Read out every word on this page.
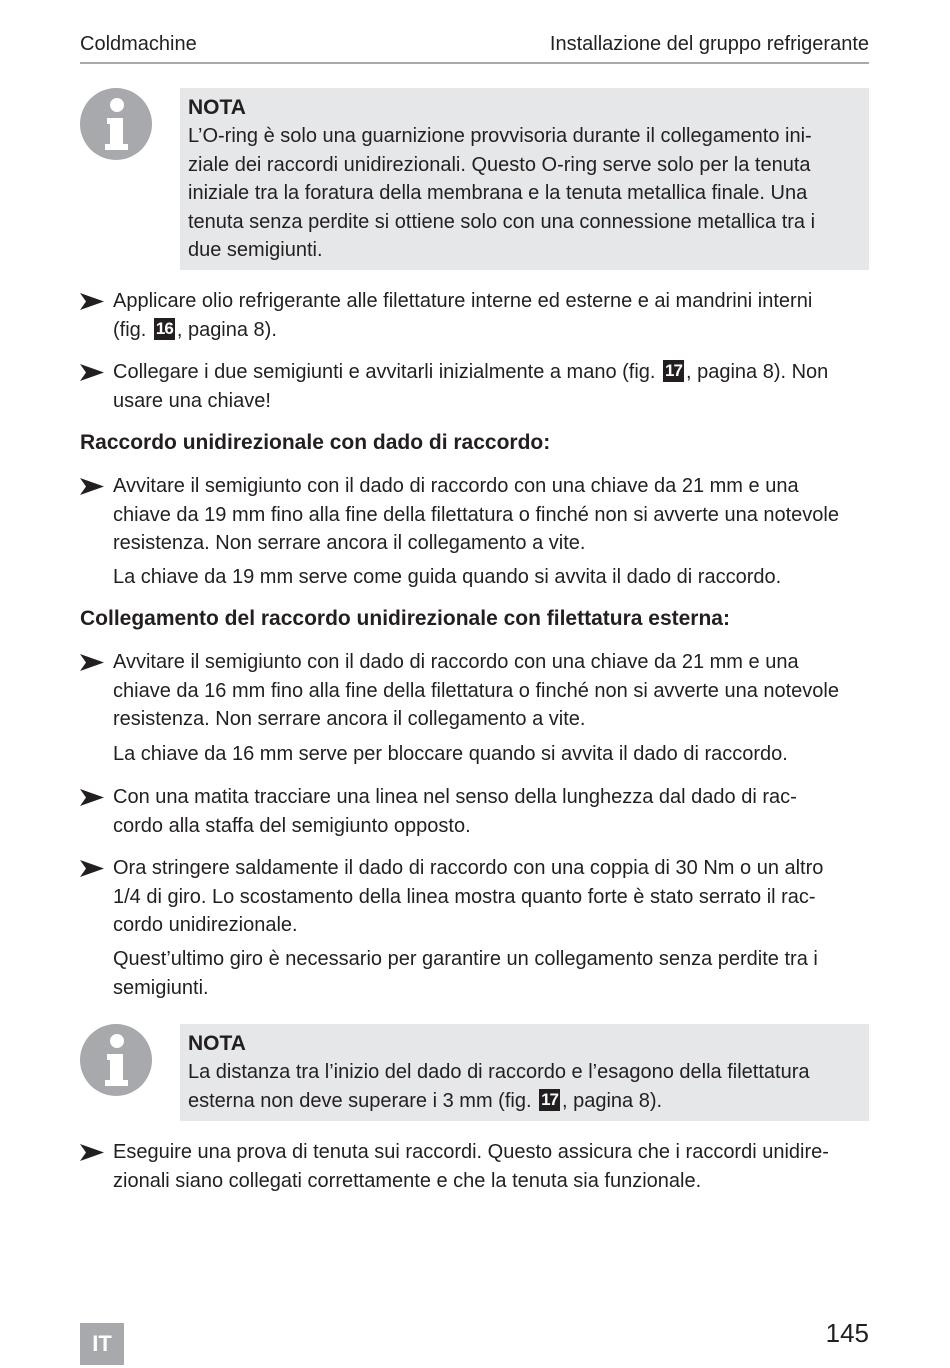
Coldmachine	Installazione del gruppo refrigerante
NOTA
L’O-ring è solo una guarnizione provvisoria durante il collegamento ini-
ziale dei raccordi unidirezionali. Questo O-ring serve solo per la tenuta
iniziale tra la foratura della membrana e la tenuta metallica finale. Una
tenuta senza perdite si ottiene solo con una connessione metallica tra i
due semigiunti.
Applicare olio refrigerante alle filettature interne ed esterne e ai mandrini interni
(fig. 16 , pagina 8).
Collegare i due semigiunti e avvitarli inizialmente a mano (fig. 17 , pagina 8). Non
usare una chiave!
Raccordo unidirezionale con dado di raccordo:
Avvitare il semigiunto con il dado di raccordo con una chiave da 21 mm e una
chiave da 19 mm fino alla fine della filettatura o finché non si avverte una notevole
resistenza. Non serrare ancora il collegamento a vite.
La chiave da 19 mm serve come guida quando si avvita il dado di raccordo.
Collegamento del raccordo unidirezionale con filettatura esterna:
Avvitare il semigiunto con il dado di raccordo con una chiave da 21 mm e una
chiave da 16 mm fino alla fine della filettatura o finché non si avverte una notevole
resistenza. Non serrare ancora il collegamento a vite.
La chiave da 16 mm serve per bloccare quando si avvita il dado di raccordo.
Con una matita tracciare una linea nel senso della lunghezza dal dado di rac-
cordo alla staffa del semigiunto opposto.
Ora stringere saldamente il dado di raccordo con una coppia di 30 Nm o un altro
1/4 di giro. Lo scostamento della linea mostra quanto forte è stato serrato il rac-
cordo unidirezionale.
Quest’ultimo giro è necessario per garantire un collegamento senza perdite tra i
semigiunti.
NOTA
La distanza tra l’inizio del dado di raccordo e l’esagono della filettatura
esterna non deve superare i 3 mm (fig. 17 , pagina 8).
Eseguire una prova di tenuta sui raccordi. Questo assicura che i raccordi unidire-
zionali siano collegati correttamente e che la tenuta sia funzionale.
IT	145
